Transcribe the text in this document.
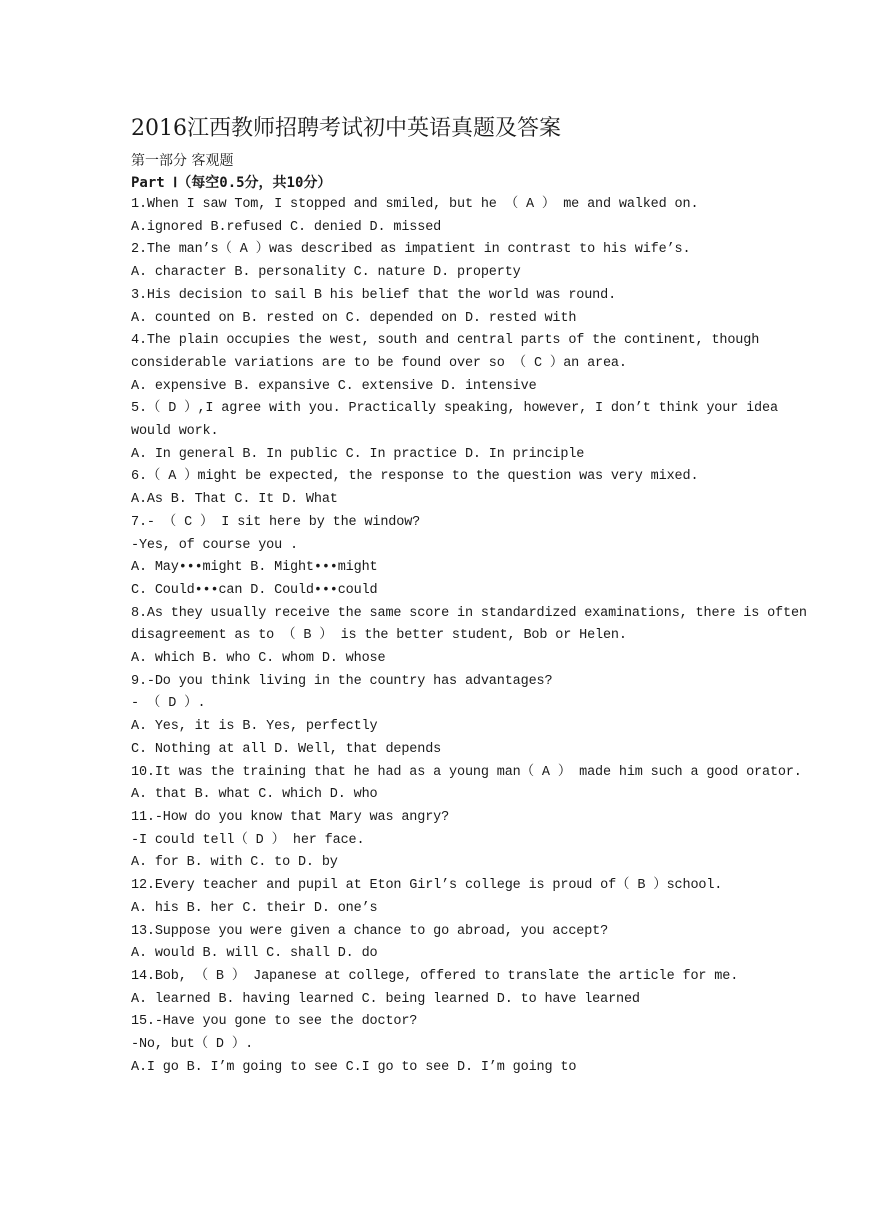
2016江西教师招聘考试初中英语真题及答案

第一部分 客观题

Part Ⅰ（每空0.5分，共10分）

1.When I saw Tom, I stopped and smiled, but he （ A ） me and walked on.
A.ignored B.refused C. denied D. missed
2.The man’s（ A ）was described as impatient in contrast to his wife’s.
A. character B. personality C. nature D. property
3.His decision to sail B his belief that the world was round.
A. counted on B. rested on C. depended on D. rested with
4.The plain occupies the west, south and central parts of the continent, though
considerable variations are to be found over so （ C ）an area.
A. expensive B. expansive C. extensive D. intensive
5.（ D ）,I agree with you. Practically speaking, however, I don’t think your idea
would work.
A. In general B. In public C. In practice D. In principle
6.（ A ）might be expected, the response to the question was very mixed.
A.As B. That C. It D. What
7.- （ C ） I sit here by the window?
-Yes, of course you .
A. May•••might B. Might•••might
C. Could•••can D. Could•••could
8.As they usually receive the same score in standardized examinations, there is often
disagreement as to （ B ） is the better student, Bob or Helen.
A. which B. who C. whom D. whose
9.-Do you think living in the country has advantages?
- （ D ）.
A. Yes, it is B. Yes, perfectly
C. Nothing at all D. Well, that depends
10.It was the training that he had as a young man（ A ） made him such a good orator.
A. that B. what C. which D. who
11.-How do you know that Mary was angry?
-I could tell（ D ） her face.
A. for B. with C. to D. by
12.Every teacher and pupil at Eton Girl’s college is proud of（ B ）school.
A. his B. her C. their D. one’s
13.Suppose you were given a chance to go abroad, you accept?
A. would B. will C. shall D. do
14.Bob, （ B ） Japanese at college, offered to translate the article for me.
A. learned B. having learned C. being learned D. to have learned
15.-Have you gone to see the doctor?
-No, but（ D ）.
A.I go B. I’m going to see C.I go to see D. I’m going to
